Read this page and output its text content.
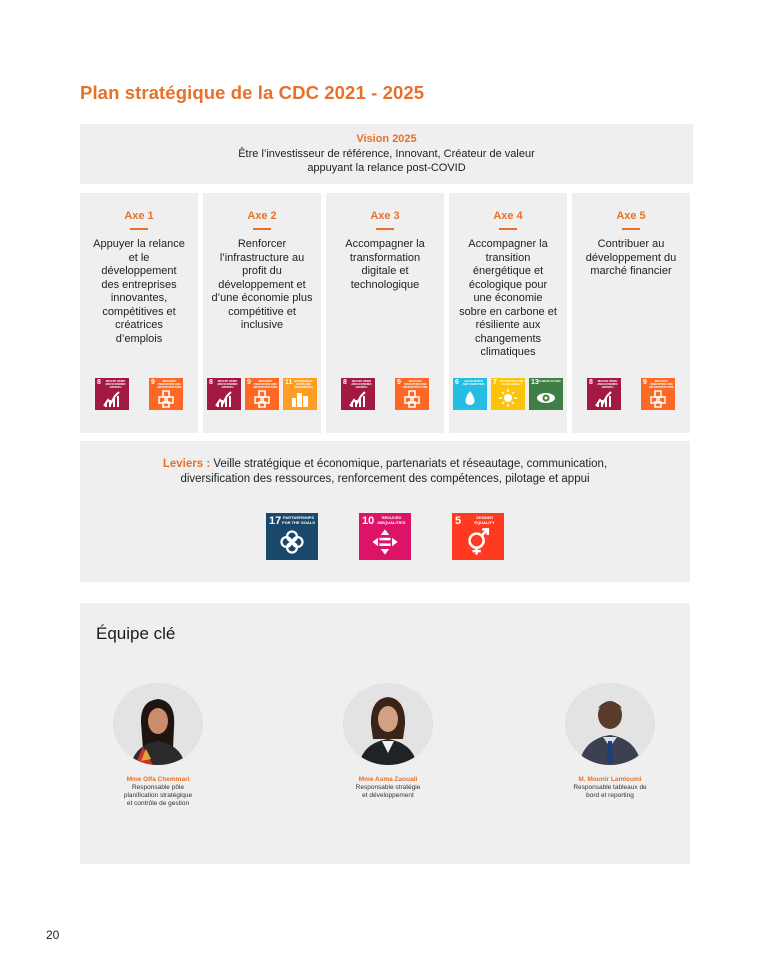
Plan stratégique de la CDC 2021 - 2025
Vision 2025
Être l’investisseur de référence, Innovant, Créateur de valeur
appuyant la relance post-COVID
Axe 1
Appuyer la relance et le développement des entreprises innovantes, compétitives et créatrices d’emplois
8	DECENT WORK AND ECONOMIC GROWTH
9	INDUSTRY, INNOVATION AND INFRASTRUCTURE
Axe 2
Renforcer l’infrastructure au profit du développement et d’une économie plus compétitive et inclusive
8	DECENT WORK AND ECONOMIC GROWTH
9	INDUSTRY, INNOVATION AND INFRASTRUCTURE
11 SUSTAINABLE CITIES AND COMMUNITIES
Axe 3
Accompagner la transformation digitale et technologique
8	DECENT WORK AND ECONOMIC GROWTH
9	INDUSTRY, INNOVATION AND INFRASTRUCTURE
Axe 4
Accompagner la transition énergétique et écologique pour une économie sobre en carbone et résiliente aux changements climatiques
6	CLEAN WATER AND SANITATION 7 AFFORDABLE AND CLEAN ENERGY	13 CLIMATE ACTION
Axe 5
Contribuer au développement du marché financier
8	DECENT WORK AND ECONOMIC GROWTH
9	INDUSTRY, INNOVATION AND INFRASTRUCTURE
Leviers : Veille stratégique et économique, partenariats et réseautage, communication,
diversification des ressources, renforcement des compétences, pilotage et appui
17 PARTNERSHIPS FOR THE GOALS	10	REDUCED INEQUALITIES	5	GENDER EQUALITY
Équipe clé
Mme Olfa Chemmari
Responsable pôle
planification stratégique
et contrôle de gestion
Mme Asma Zaouali
Responsable stratégie
et développement
M. Mounir Lamloumi
Responsable tableaux de
bord et reporting
20
